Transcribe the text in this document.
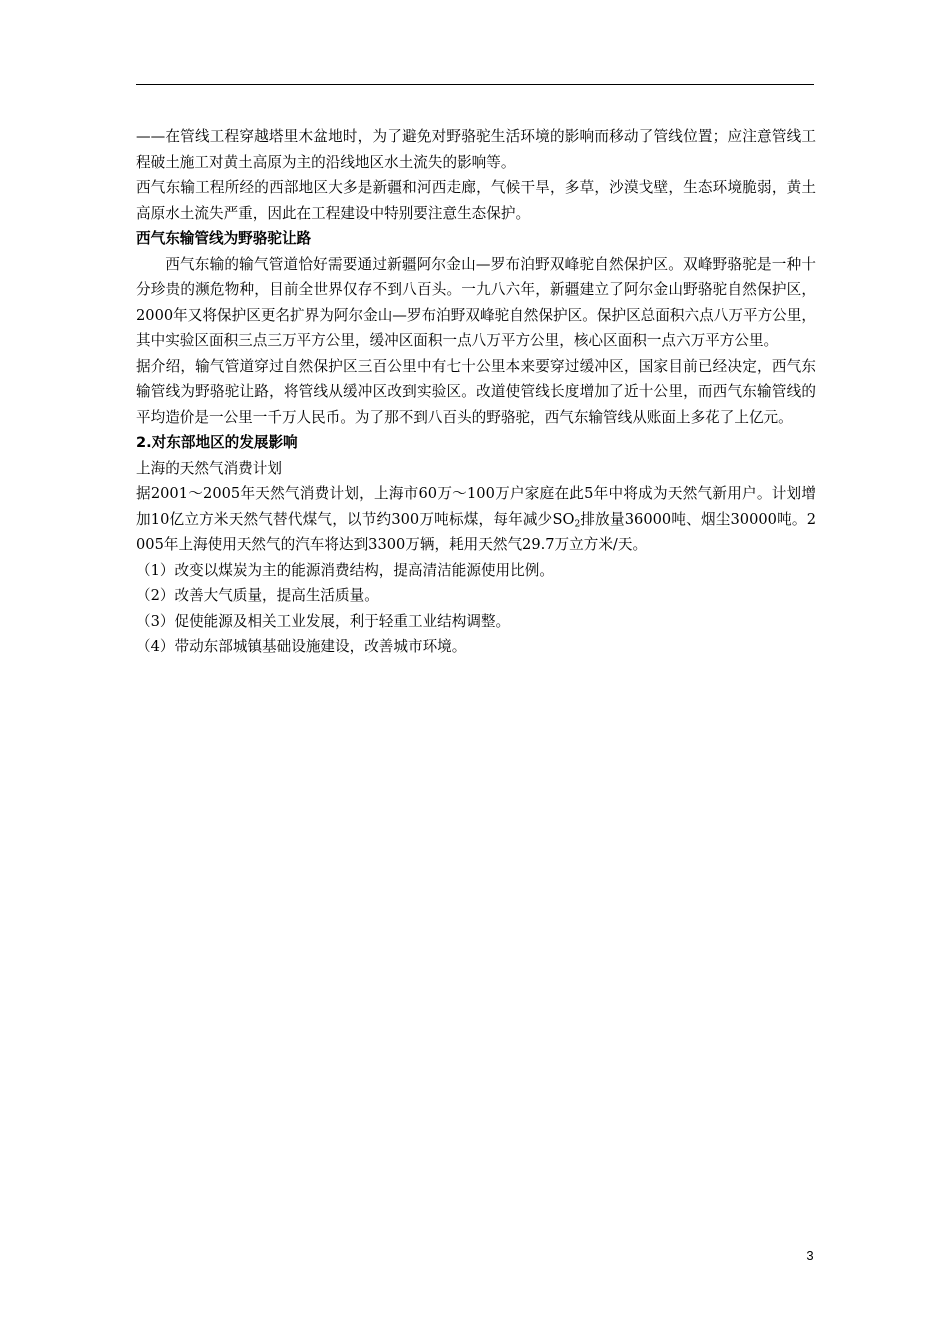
——在管线工程穿越塔里木盆地时，为了避免对野骆驼生活环境的影响而移动了管线位置；应注意管线工程破土施工对黄土高原为主的沿线地区水土流失的影响等。

西气东输工程所经的西部地区大多是新疆和河西走廊，气候干旱，多草，沙漠戈壁，生态环境脆弱，黄土高原水土流失严重，因此在工程建设中特别要注意生态保护。

西气东输管线为野骆驼让路

西气东输的输气管道恰好需要通过新疆阿尔金山—罗布泊野双峰驼自然保护区。双峰野骆驼是一种十分珍贵的濒危物种，目前全世界仅存不到八百头。一九八六年，新疆建立了阿尔金山野骆驼自然保护区，2000年又将保护区更名扩界为阿尔金山—罗布泊野双峰驼自然保护区。保护区总面积六点八万平方公里，其中实验区面积三点三万平方公里，缓冲区面积一点八万平方公里，核心区面积一点六万平方公里。

据介绍，输气管道穿过自然保护区三百公里中有七十公里本来要穿过缓冲区，国家目前已经决定，西气东输管线为野骆驼让路，将管线从缓冲区改到实验区。改道使管线长度增加了近十公里，而西气东输管线的平均造价是一公里一千万人民币。为了那不到八百头的野骆驼，西气东输管线从账面上多花了上亿元。

2.对东部地区的发展影响

上海的天然气消费计划

据2001～2005年天然气消费计划，上海市60万～100万户家庭在此5年中将成为天然气新用户。计划增加10亿立方米天然气替代煤气，以节约300万吨标煤，每年减少$SO_2$排放量36000吨、烟尘30000吨。2005年上海使用天然气的汽车将达到3300万辆，耗用天然气29.7万立方米/天。

（1）改变以煤炭为主的能源消费结构，提高清洁能源使用比例。

（2）改善大气质量，提高生活质量。

（3）促使能源及相关工业发展，利于轻重工业结构调整。

（4）带动东部城镇基础设施建设，改善城市环境。

3
